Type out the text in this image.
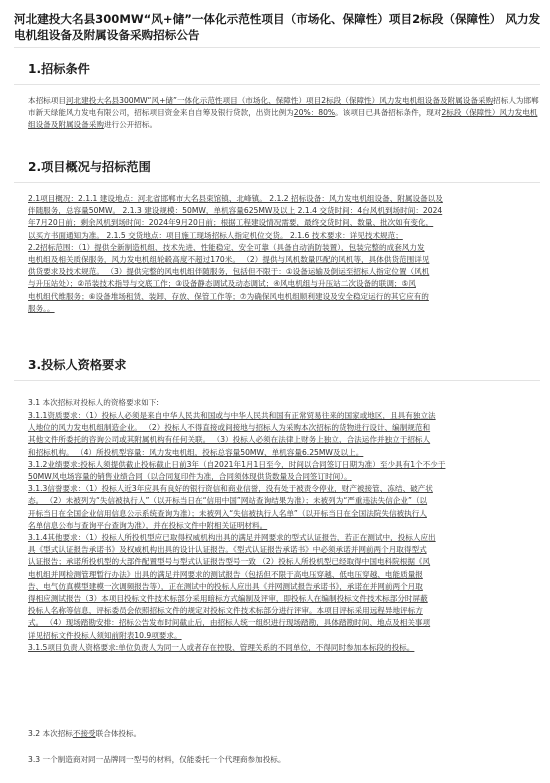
河北建投大名县300MW“风+储”一体化示范性项目（市场化、保障性）项目2标段（保障性） 风力发电机组设备及附属设备采购招标公告
1.招标条件

本招标项目河北建投大名县300MW“风+储”一体化示范性项目（市场化、保障性）项目2标段（保障性）风力发电机组设备及附属设备采购招标人为邯郸市新天绿能风力发电有限公司，招标项目资金来自自筹及银行贷款，出资比例为20%：80%。该项目已具备招标条件，现对2标段（保障性）风力发电机组设备及附属设备采购进行公开招标。

2.项目概况与招标范围

2.1项目概况：2.1.1 建设地点：河北省邯郸市大名县束馆镇、北峰镇。 2.1.2 招标设备：风力发电机组设备、附属设备以及
伴随服务，总容量50MW。 2.1.3 建设规模：50MW，单机容量625MW及以上 2.1.4 交货时间：4台风机到场时间：2024
年7月20日前；剩余风机到场时间：2024年9月20日前；根据工程建设情况需要，最终交货时间、数量、批次如有变化，
以买方书面通知为准。 2.1.5 交货地点：项目施工现场招标人指定机位交货。 2.1.6 技术要求：详见技术规范；
2.2招标范围：（1）提供全新制造机组、技术先进、性能稳定、安全可靠（具备自动消防装置），包装完整的成套风力发
电机组及相关质保服务，风力发电机组轮毂高度不超过170米。 （2）提供与风机数量匹配的风机等，具体供货范围详见
供货要求及技术规范。 （3）提供完整的风电机组伴随服务，包括但不限于：①设备运输及倒运至招标人指定位置（风机
与升压站处）；②吊装技术指导与交底工作；③设备静态调试及动态调试；④风电机组与升压站二次设备的联调；⑤风
电机组代维服务；⑥设备堆场租赁、装卸、存放、保管工作等；⑦为确保风电机组顺利建设及安全稳定运行的其它应有的
服务。。

3.投标人资格要求

3.1 本次招标对投标人的资格要求如下:

3.1.1资质要求：（1）投标人必须是来自中华人民共和国或与中华人民共和国有正常贸易往来的国家或地区，且具有独立法
人地位的风力发电机组制造企业。 （2）投标人不得直接或间接地与招标人为采购本次招标的货物进行设计、编制规范和
其他文件所委托的咨询公司或其附属机构有任何关联。 （3）投标人必须在法律上财务上独立，合法运作并独立于招标人
和招标机构。 （4）所投机型容量：风力发电机组，投标总容量50MW、单机容量6.25MW及以上。
3.1.2业绩要求:投标人须提供截止投标截止日前3年（自2021年1月1日至今，时间以合同签订日期为准）至少具有1个不少于
50MW风电场容量的销售业绩合同（以合同复印件为准，合同须体现供货数量及合同签订时间）。
3.1.3信誉要求：（1）投标人近3年应具有良好的银行资信和商业信誉，没有处于被责令停业，财产被接管、冻结、破产状
态。 （2）未被列为“失信被执行人”（以开标当日在“信用中国”网站查询结果为准）；未被列为“严重违法失信企业”（以
开标当日在全国企业信用信息公示系统查询为准）；未被列入“失信被执行人名单”（以开标当日在全国法院失信被执行人
名单信息公布与查询平台查询为准），并在投标文件中附相关证明材料。
3.1.4其他要求：（1）投标人所投机型应已取得权威机构出具的满足并网要求的型式认证报告，若正在测试中，投标人应出
具《型式认证报告承诺书》及权威机构出具的设计认证报告。《型式认证报告承诺书》中必须承诺并网前两个月取得型式
认证报告；承诺所投机型的大部件配置型号与型式认证报告型号一致 （2）投标人所投机型已经取得中国电科院根据《风
电机组并网检测管理暂行办法》出具的满足并网要求的测试报告（包括但不限于高电压穿越、低电压穿越、电能质量报
告、电气仿真模型建模一次调频报告等），正在测试中的投标人应出具《并网测试报告承诺书》，承诺在并网前两个月取
得相应测试报告（3）本项目投标文件技术标部分采用暗标方式编制及评审，即投标人在编制投标文件技术标部分时屏蔽
投标人名称等信息，评标委员会依照招标文件的规定对投标文件技术标部分进行评审。本项目评标采用远程异地评标方
式。 （4）现场踏勘安排：招标公告发布时间截止后，由招标人统一组织进行现场踏勘，具体踏勘时间、地点及相关事项
详见招标文件投标人须知前附表10.9项要求。
3.1.5项目负责人资格要求:单位负责人为同一人或者存在控股、管理关系的不同单位，不得同时参加本标段的投标。

3.2 本次招标不接受联合体投标。

3.3 一个制造商对同一品牌同一型号的材料，仅能委托一个代理商参加投标。
